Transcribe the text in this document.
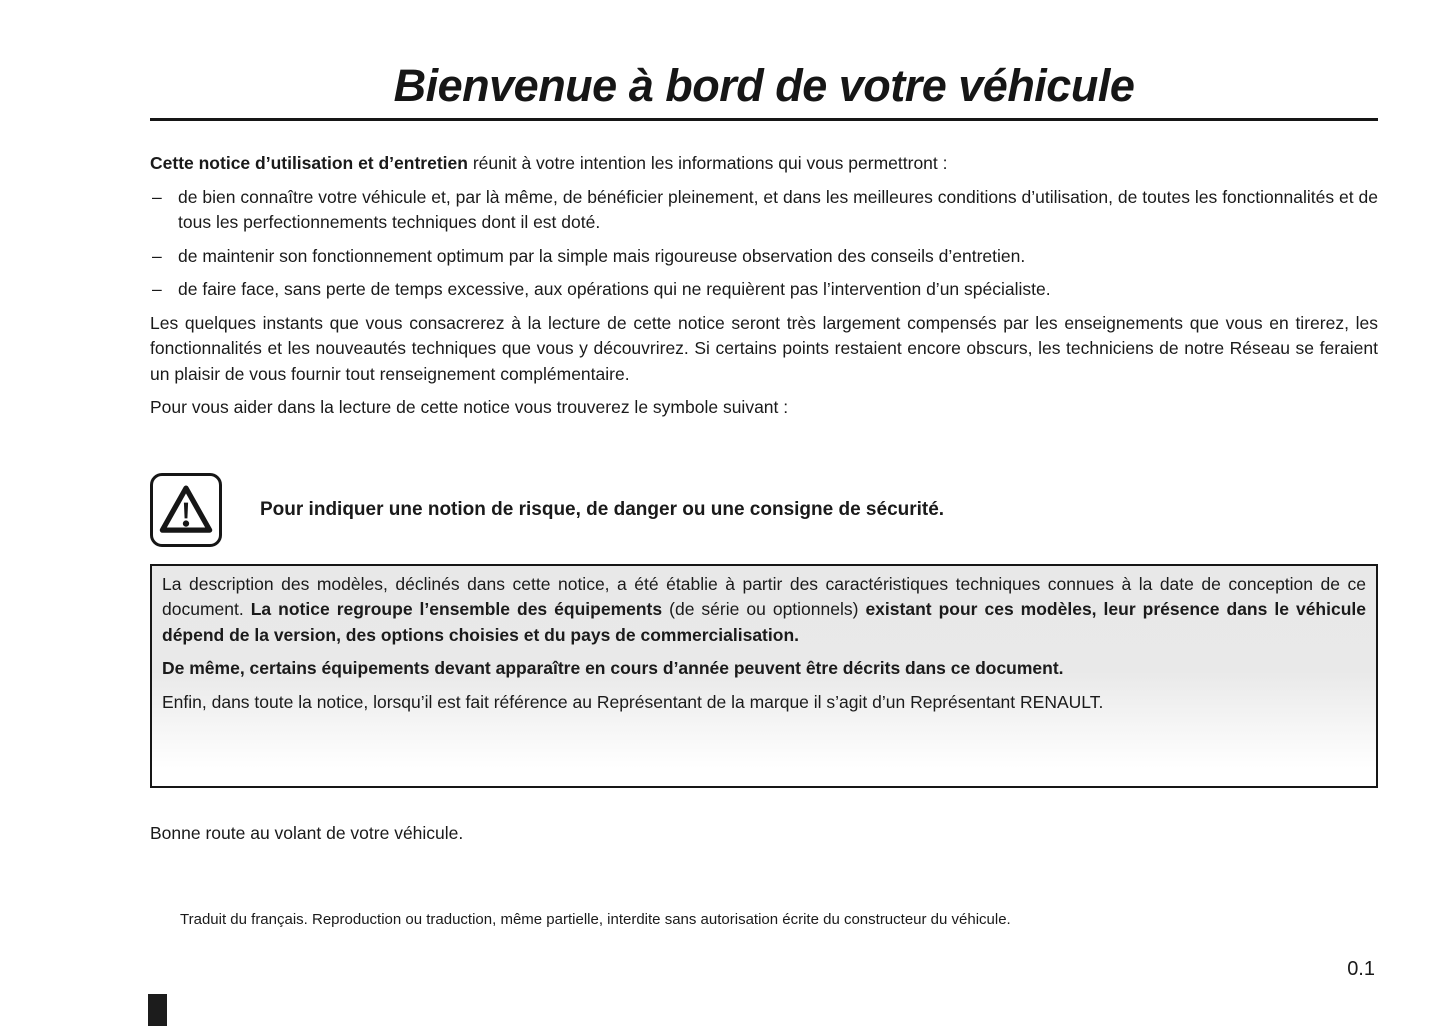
Bienvenue à bord de votre véhicule

Cette notice d’utilisation et d’entretien réunit à votre intention les informations qui vous permettront :

– de bien connaître votre véhicule et, par là même, de bénéficier pleinement, et dans les meilleures conditions d’utilisation, de toutes les fonctionnalités et de tous les perfectionnements techniques dont il est doté.
– de maintenir son fonctionnement optimum par la simple mais rigoureuse observation des conseils d’entretien.
– de faire face, sans perte de temps excessive, aux opérations qui ne requièrent pas l’intervention d’un spécialiste.

Les quelques instants que vous consacrerez à la lecture de cette notice seront très largement compensés par les enseignements que vous en tirerez, les fonctionnalités et les nouveautés techniques que vous y découvrirez. Si certains points restaient encore obscurs, les techniciens de notre Réseau se feraient un plaisir de vous fournir tout renseignement complémentaire.

Pour vous aider dans la lecture de cette notice vous trouverez le symbole suivant :

Pour indiquer une notion de risque, de danger ou une consigne de sécurité.

La description des modèles, déclinés dans cette notice, a été établie à partir des caractéristiques techniques connues à la date de conception de ce document. La notice regroupe l’ensemble des équipements (de série ou optionnels) existant pour ces modèles, leur présence dans le véhicule dépend de la version, des options choisies et du pays de commercialisation.

De même, certains équipements devant apparaître en cours d’année peuvent être décrits dans ce document.

Enfin, dans toute la notice, lorsqu’il est fait référence au Représentant de la marque il s’agit d’un Représentant RENAULT.

Bonne route au volant de votre véhicule.

Traduit du français. Reproduction ou traduction, même partielle, interdite sans autorisation écrite du constructeur du véhicule.

0.1
